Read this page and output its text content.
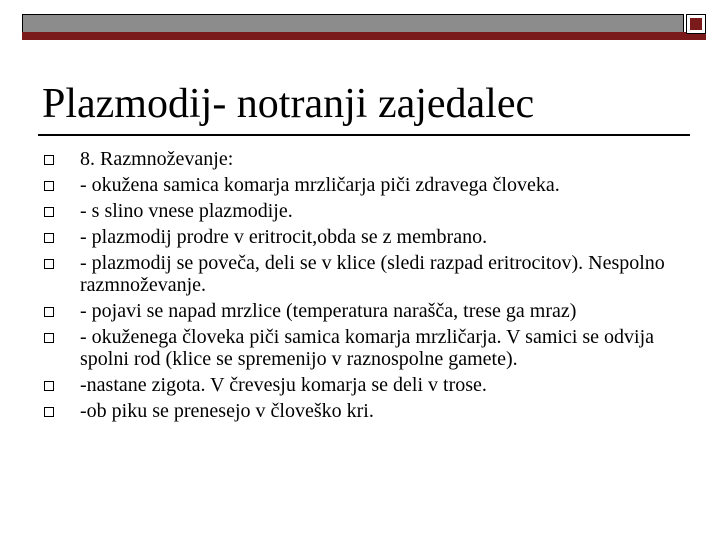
Plazmodij- notranji zajedalec
8. Razmnoževanje:
- okužena samica komarja mrzličarja piči zdravega človeka.
- s slino vnese plazmodije.
- plazmodij prodre v eritrocit,obda se z membrano.
- plazmodij se poveča, deli se v klice (sledi razpad eritrocitov). Nespolno razmnoževanje.
- pojavi se napad mrzlice (temperatura narašča, trese ga mraz)
- okuženega človeka piči samica komarja mrzličarja. V samici se odvija spolni rod (klice se spremenijo v raznospolne gamete).
-nastane zigota. V črevesju komarja se deli v trose.
-ob piku se prenesejo v človeško kri.
